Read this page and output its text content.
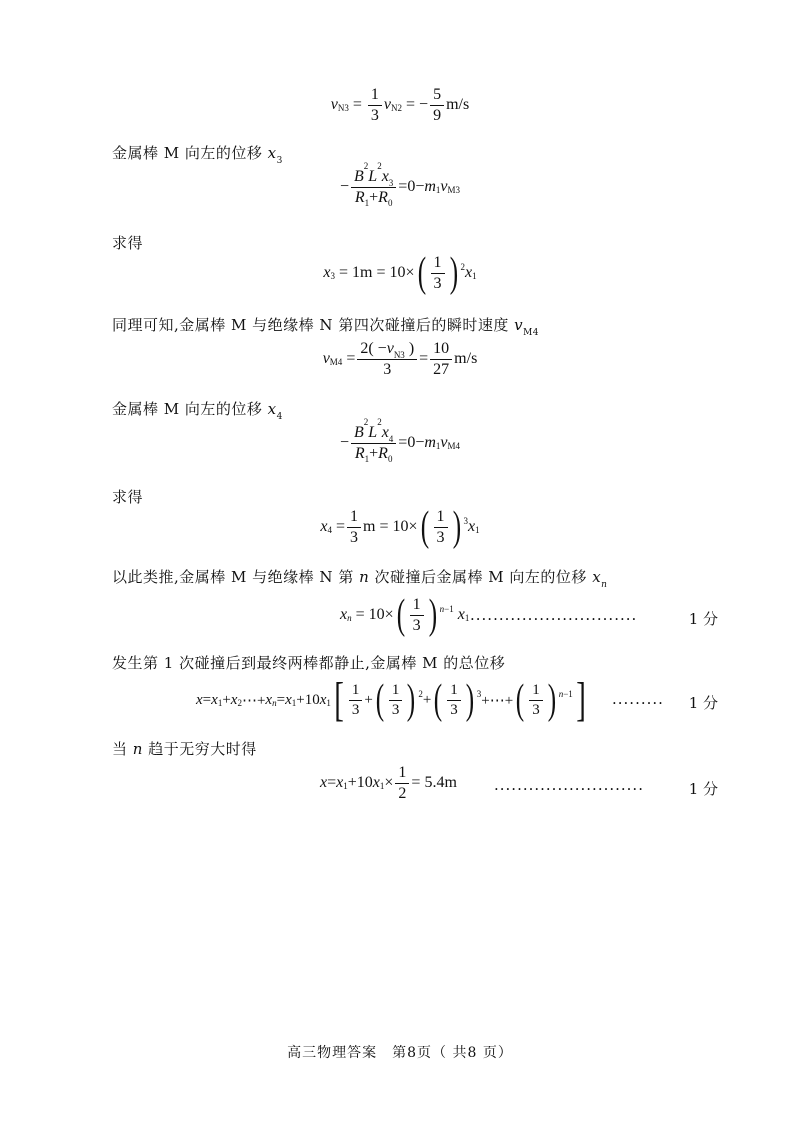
$v_{N3} = \frac{1}{3} v_{N2}$ = − $\frac{5}{9} m/s$
金属棒 M 向左的位移 $x_3$
− $\frac{B^2L^2x_3}{R_1+R_0} =0- m_1$ $v_{M3}$
求得
$x_3 = 1m = 10\times$ ( $\frac{1}{3}$ ) $^2$ $x_1$
同理可知,金属棒 M 与绝缘棒 N 第四次碰撞后的瞬时速度 $v_{M4}$
$v_{M4} = \frac{2( -v_{N3} )}{3} = \frac{10}{27} m/s$
金属棒 M 向左的位移 $x_4$
− $\frac{B^2L^2x_4}{R_1+R_0} =0- m_1$ $v_{M4}$
求得
$x_4 = \frac{1}{3}$ m = 10× ( $\frac{1}{3}$ ) $^3$ $x_1$
以此类推,金属棒 M 与绝缘棒 N 第 n 次碰撞后金属棒 M 向左的位移 $x_n$
x $_n$ = 10× ( $\frac{1}{3}$ ) $^{n-1}$
$x_1$ ·····························	1 分
发生第 1 次碰撞后到最终两棒都静止,金属棒 M 的总位移
$x = x_1 + x_2$ ⋯+ x $_n = x_1 +10$ $x_1$ [ $\frac{1}{3}$ + ( $\frac{1}{3}$ ) $^2$ + ( $\frac{1}{3}$ ) $^3$ +⋯+ ( $\frac{1}{3}$ ) $^{n-1}$ ] ········· 1 分
当 n 趋于无穷大时得
$x = x_1 +10$ $x_1 \times \frac{1}{2} = 5.4m$ ··························	1 分
高三物理答案　第8页（ 共8 页）
